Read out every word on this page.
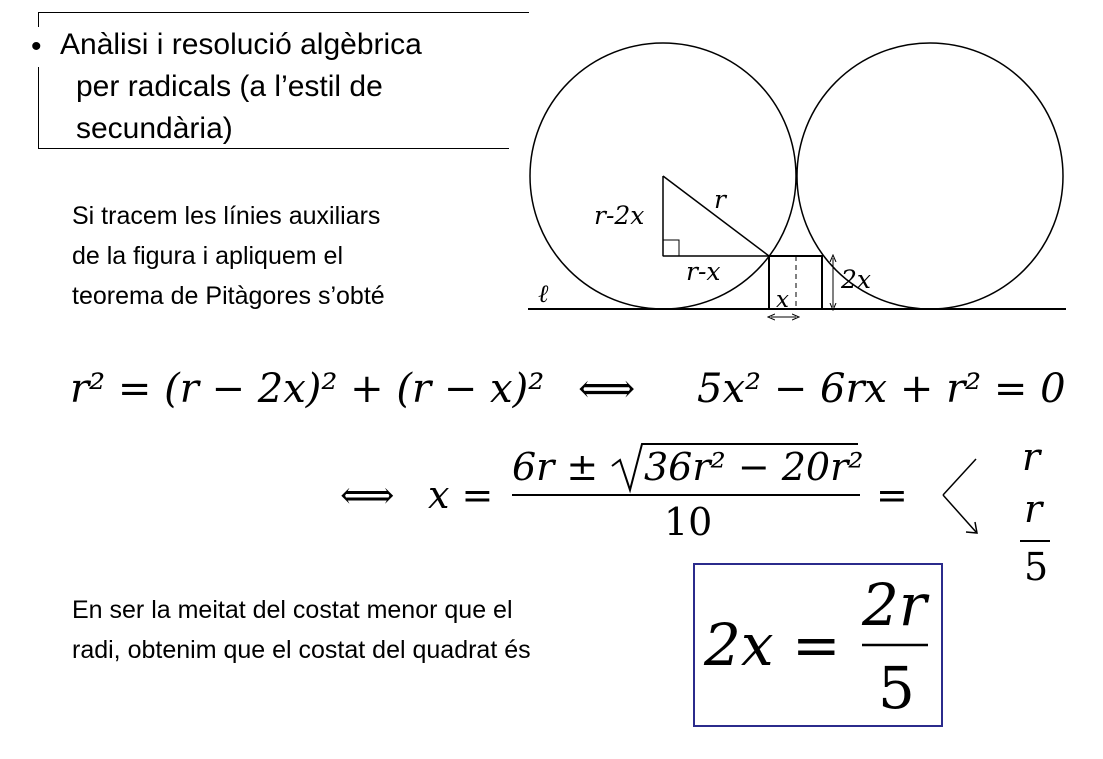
• Anàlisi i resolució algèbrica
per radicals (a l’estil de
secundària)
Si tracem les línies auxiliars
de la figura i apliquem el
teorema de Pitàgores s’obté
En ser la meitat del costat menor que el
radi, obtenim que el costat del quadrat és
r
r-2x
r-x	2x
x
ℓ
r² = (r − 2x)² + (r − x)² ⟺ 5x² − 6rx + r² = 0
⟺ x =
6r ± 36r² − 20r²
10
=
r
r
5
2x =
2r
5
